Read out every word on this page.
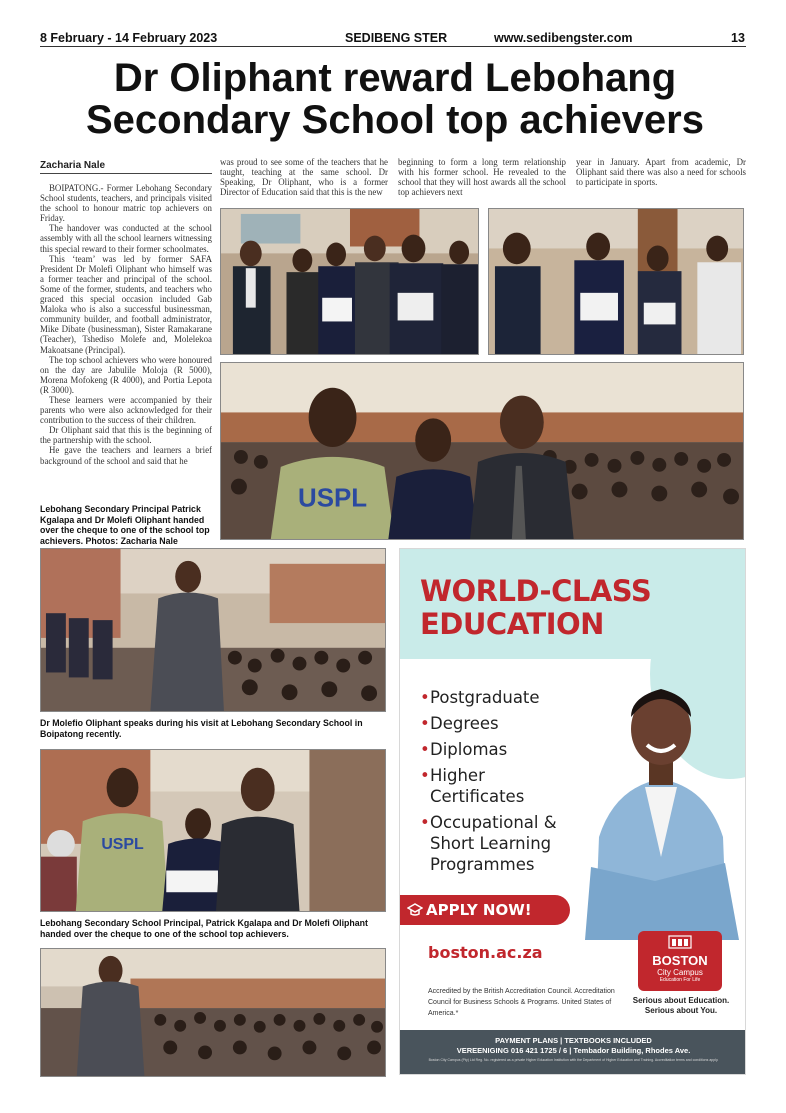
8 February - 14 February 2023	SEDIBENG STER	www.sedibengster.com	13
Dr Oliphant reward Lebohang
Secondary School top achievers
Zacharia Nale

BOIPATONG.- Former Lebohang Secondary School students, teachers, and principals visited the school to honour matric top achievers on Friday.

The handover was conducted at the school assembly with all the school learners witnessing this special reward to their former schoolmates.

This ‘team’ was led by former SAFA President Dr Molefi Oliphant who himself was a former teacher and principal of the school. Some of the former, students, and teachers who graced this special occasion included Gab Maloka who is also a successful businessman, community builder, and football administrator, Mike Dibate (businessman), Sister Ramakarane (Teacher), Tshediso Molefe and, Molelekoa Makoatsane (Principal).

The top school achievers who were honoured on the day are Jabulile Moloja (R 5000), Morena Mofokeng (R 4000), and Portia Lepota (R 3000).

These learners were accompanied by their parents who were also acknowledged for their contribution to the success of their children.

Dr Oliphant said that this is the beginning of the partnership with the school.

He gave the teachers and learners a brief background of the school and said that he

was proud to see some of the teachers that he taught, teaching at the same school. Dr Speaking, Dr Oliphant, who is a former Director of Education said that this is the new

beginning to form a long term relationship with his former school. He revealed to the school that they will host awards all the school top achievers next

year in January. Apart from academic, Dr Oliphant said there was also a need for schools to participate in sports.

USPL
Lebohang Secondary Principal Patrick Kgalapa and Dr Molefi Oliphant handed over the cheque to one of the school top achievers. Photos: Zacharia Nale
Dr Molefio Oliphant speaks during his visit at Lebohang Secondary School in Boipatong recently.
USPL
Lebohang Secondary School Principal, Patrick Kgalapa and Dr Molefi Oliphant handed over the cheque to one of the school top achievers.
WORLD-CLASS
EDUCATION
• Postgraduate
• Degrees
• Diplomas
• Higher Certificates
• Occupational & Short Learning Programmes
APPLY NOW!
boston.ac.za
Accredited by the British Accreditation Council. Accreditation Council for Business Schools & Programs. United States of America.*
BOSTON
City Campus
Education For Life
Serious about Education.
Serious about You.
PAYMENT PLANS | TEXTBOOKS INCLUDED
VEREENIGING 016 421 1725 / 6 | Tembador Building, Rhodes Ave.
Boston City Campus (Pty) Ltd Reg. No. registered as a private Higher Education Institution with the Department of Higher Education and Training. Accreditation terms and conditions apply.
